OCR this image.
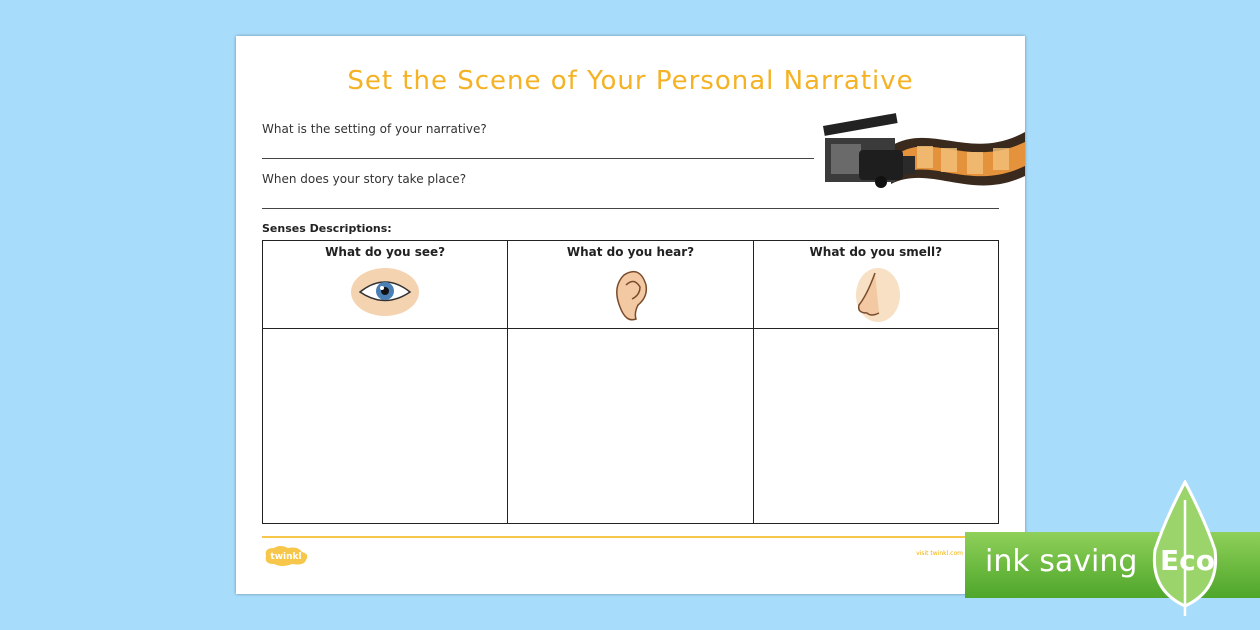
Set the Scene of Your Personal Narrative
What is the setting of your narrative?
When does your story take place?
Senses Descriptions:
What do you see?	What do you hear?	What do you smell?

twinkl	visit twinkl.com ink saving Eco
